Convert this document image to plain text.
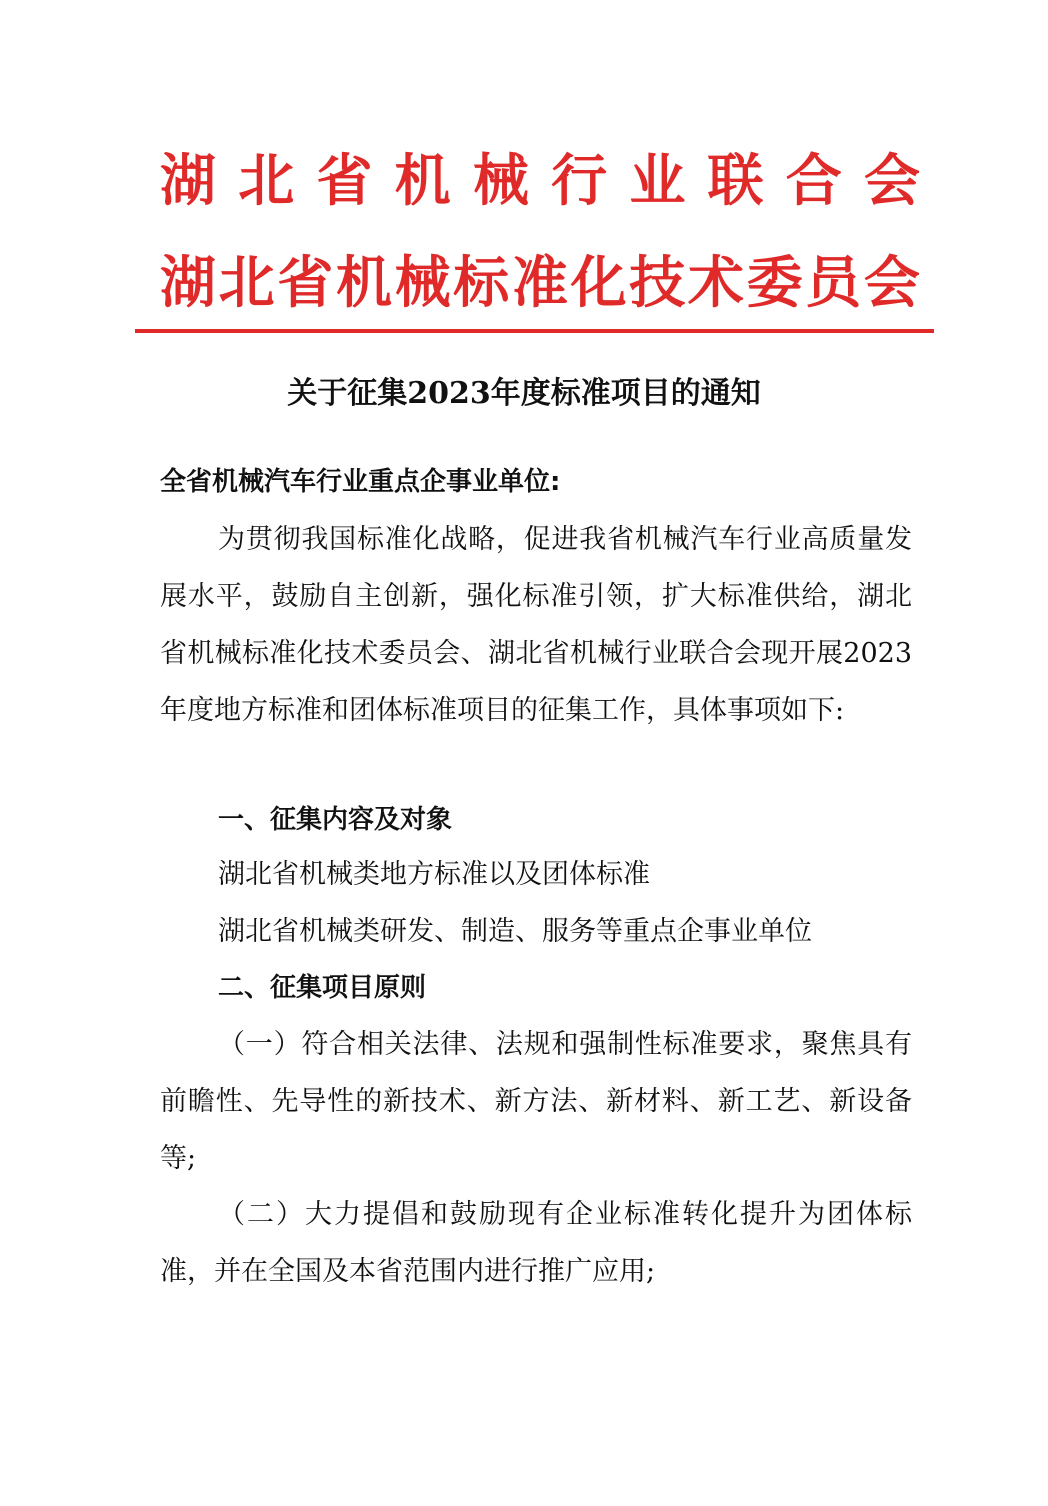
湖 北 省 机 械 行 业 联 合 会
湖 北 省 机 械 标 准 化 技 术 委 员 会
关于征集2023年度标准项目的通知
全省机械汽车行业重点企事业单位:
为贯彻我国标准化战略，促进我省机械汽车行业高质量发展水平，鼓励自主创新，强化标准引领，扩大标准供给，湖北省机械标准化技术委员会、湖北省机械行业联合会现开展2023年度地方标准和团体标准项目的征集工作，具体事项如下:
一、征集内容及对象
湖北省机械类地方标准以及团体标准
湖北省机械类研发、制造、服务等重点企事业单位
二、征集项目原则
（一）符合相关法律、法规和强制性标准要求，聚焦具有前瞻性、先导性的新技术、新方法、新材料、新工艺、新设备等;
（二）大力提倡和鼓励现有企业标准转化提升为团体标准，并在全国及本省范围内进行推广应用;
